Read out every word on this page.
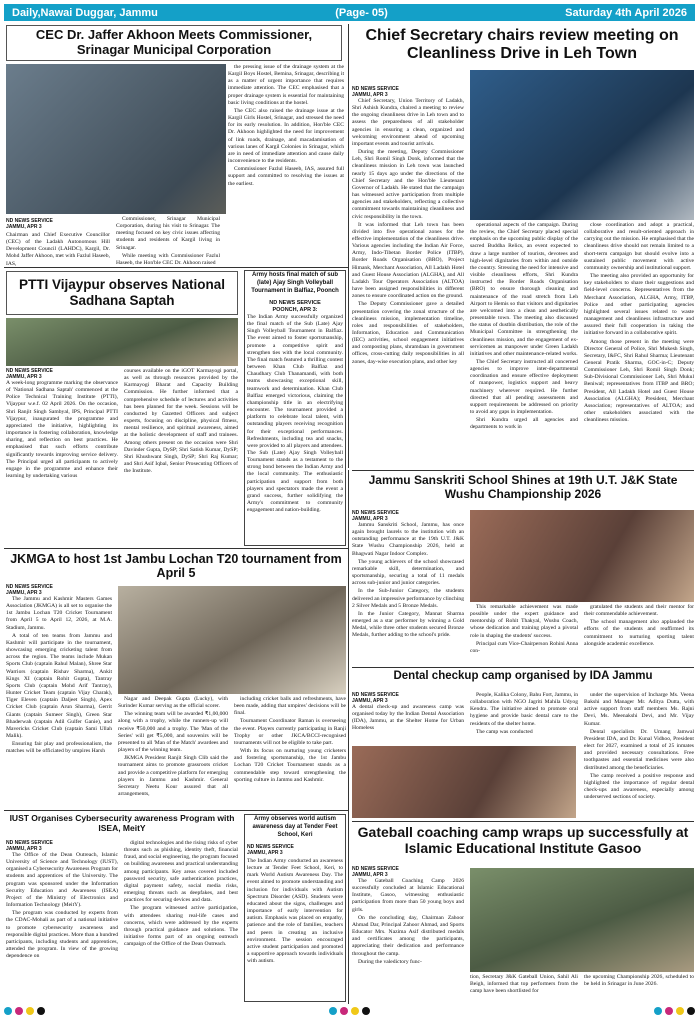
Daily,Nawai Duggar, Jammu	(Page- 05)	Saturday 4th April 2026
CEC Dr. Jaffer Akhoon Meets Commissioner, Srinagar Municipal Corporation
ND NEWS SERVICE
JAMMU, APR 3
Chairman and Chief Executive Councillor (CEC) of the Ladakh Autonomous Hill Development Council (LAHDC), Kargil, Dr. Mohd Jaffer Akhoon, met with Fazlul Haseeb, IAS,

Commissioner, Srinagar Municipal Corporation, during his visit to Srinagar. The meeting focused on key civic issues affecting students and residents of Kargil living in Srinagar.

While meeting with Commissioner Fazlul Haseeb, the Hon'ble CEC Dr. Akhoon raised

the pressing issue of the drainage system at the Kargil Boys Hostel, Bemina, Srinagar, describing it as a matter of urgent importance that requires immediate attention. The CEC emphasised that a proper drainage system is essential for maintaining basic living conditions at the hostel.

The CEC also raised the drainage issue at the Kargil Girls Hostel, Srinagar, and stressed the need for its early resolution. In addition, Hon'ble CEC Dr. Akhoon highlighted the need for improvement of link roads, drainage, and macadamisation of various lanes of Kargil Colonies in Srinagar, which are in need of immediate attention and cause daily inconvenience to the residents.

Commissioner Fazlul Haseeb, IAS, assured full support and committed to resolving the issues at the earliest.

Chief Secretary chairs review meeting on Cleanliness Drive in Leh Town
ND NEWS SERVICE
JAMMU, APR 3

Chief Secretary, Union Territory of Ladakh, Shri Ashish Kundra, chaired a meeting to review the ongoing cleanliness drive in Leh town and to assess the preparedness of all stakeholder agencies in ensuring a clean, organized and welcoming environment ahead of upcoming important events and tourist arrivals.

During the meeting, Deputy Commissioner Leh, Shri Romil Singh Donk, informed that the cleanliness mission in Leh town was launched nearly 15 days ago under the directions of the Chief Secretary and the Hon'ble Lieutenant Governor of Ladakh. He stated that the campaign has witnessed active participation from multiple agencies and stakeholders, reflecting a collective commitment towards maintaining cleanliness and civic responsibility in the town.

It was informed that Leh town has been divided into five operational zones for the effective implementation of the cleanliness drive. Various agencies including the Indian Air Force, Army, Indo-Tibetan Border Police (ITBP), Border Roads Organisation (BRO), Project Himank, Merchant Association, All Ladakh Hotel and Guest House Association (ALGHA), and All Ladakh Tour Operators Association (ALTOA) have been assigned responsibilities in different zones to ensure coordinated action on the ground.

The Deputy Commissioner gave a detailed presentation covering the zonal structure of the cleanliness mission, implementation timeline, roles and responsibilities of stakeholders, Information, Education and Communication (IEC) activities, school engagement initiatives and composting plans, shramdaan in government offices, cross-cutting daily responsibilities in all zones, day-wise execution plans, and other key

operational aspects of the campaign. During the review, the Chief Secretary placed special emphasis on the upcoming public display of the sacred Buddha Relics, an event expected to draw a large number of tourists, devotees and high-level dignitaries from within and outside the country. Stressing the need for intensive and visible cleanliness efforts, Shri Kundra instructed the Border Roads Organisation (BRO) to ensure thorough cleaning and maintenance of the road stretch from Leh Airport to Hemis so that visitors and dignitaries are welcomed into a clean and aesthetically presentable town. The meeting also discussed the status of dustbin distribution, the role of the Municipal Committee in strengthening the cleanliness mission, and the engagement of ex-servicemen as manpower under Green Ladakh initiatives and other maintenance-related works.

The Chief Secretary instructed all concerned agencies to improve inter-departmental coordination and ensure effective deployment of manpower, logistics support and heavy machinery wherever required. He further directed that all pending assessments and support requirements be addressed on priority to avoid any gaps in implementation.

Shri Kundra urged all agencies and departments to work in

close coordination and adopt a practical, collaborative and result-oriented approach in carrying out the mission. He emphasised that the cleanliness drive should not remain limited to a short-term campaign but should evolve into a sustained public movement with active community ownership and institutional support.

The meeting also provided an opportunity for key stakeholders to share their suggestions and field-level concerns. Representatives from the Merchant Association, ALGHA, Army, ITBP, Police and other participating agencies highlighted several issues related to waste management and cleanliness infrastructure and assured their full cooperation in taking the initiative forward in a collaborative spirit.

Among those present in the meeting were Director General of Police, Shri Mukesh Singh, Secretary, I&FC, Shri Rahul Sharma; Lieutenant General Pratik Sharma, GOC-in-C; Deputy Commissioner Leh, Shri Romil Singh Donk; Sub-Divisional Commissioner Leh, Shri Mukul Beniwal; representatives from ITBP and BRO; President, All Ladakh Hotel and Guest House Association (ALGHA); President, Merchant Association; representatives of ALTOA; and other stakeholders associated with the cleanliness mission.

PTTI Vijaypur observes National Sadhana Saptah
ND NEWS SERVICE
JAMMU, APR 3
A week-long programme marking the observance of 'National Sadhana Saptah' commenced at the Police Technical Training Institute (PTTI), Vijaypur w.e.f. 02 April 2026. On the occasion, Shri Ranjit Singh Sambyal, IPS, Principal PTTI Vijaypur, inaugurated the programme and appreciated the initiative, highlighting its importance in fostering collaboration, knowledge sharing, and reflection on best practices. He emphasised that such efforts contribute significantly towards improving service delivery. The Principal urged all participants to actively engage in the programme and enhance their learning by undertaking various
courses available on the iGOT Karmayogi portal, as well as through resources provided by the Karmayogi Bharat and Capacity Building Commission. He further informed that a comprehensive schedule of lectures and activities has been planned for the week. Sessions will be conducted by Gazetted Officers and subject experts, focusing on discipline, physical fitness, mental resilience, and spiritual awareness, aimed at the holistic development of staff and trainees. Among others present on the occasion were Shri Davinder Gupta, DySP; Shri Satish Kumar, DySP; Shri Khushwant Singh, DySP; Shri Raj Kumar; and Shri Asif Iqbal, Senior Prosecuting Officers of the Institute.
Army hosts final match of sub (late) Ajay Singh Volleyball Tournament in Balfiaz, Poonch
ND NEWS SERVICE
POONCH, APR 3:
The Indian Army successfully organized the final match of the Sub (Late) Ajay Singh Volleyball Tournament in Balfiaz. The event aimed to foster sportsmanship, promote a competitive spirit and strengthen ties with the local community. The final match featured a thrilling contest between Khan Club Balfiaz and Chaudhary Club Thanamandi, with both teams showcasing exceptional skill, teamwork and determination. Khan Club Balfiaz emerged victorious, claiming the championship title in an electrifying encounter. The tournament provided a platform to celebrate local talent, with outstanding players receiving recognition for their exceptional performances. Refreshments, including tea and snacks, were provided to all players and attendees. The Sub (Late) Ajay Singh Volleyball Tournament stands as a testament to the strong bond between the Indian Army and the local community. The enthusiastic participation and support from both players and spectators made the event a grand success, further solidifying the Army's commitment to community engagement and nation-building.
Jammu Sanskriti School Shines at 19th U.T. J&K State Wushu Championship 2026
ND NEWS SERVICE
JAMMU, APR 3

Jammu Sanskriti School, Jammu, has once again brought laurels to the institution with an outstanding performance at the 19th U.T. J&K State Wushu Championship 2026, held at Bhagwati Nagar Indoor Complex.

The young achievers of the school showcased remarkable skill, determination, and sportsmanship, securing a total of 11 medals across sub-junior and junior categories.

In the Sub-Junior Category, the students delivered an impressive performance by clinching 2 Silver Medals and 5 Bronze Medals.

In the Junior Category, Mannat Sharma emerged as a star performer by winning a Gold Medal, while three other students secured Bronze Medals, further adding to the school's pride.

This remarkable achievement was made possible under the expert guidance and mentorship of Rohit Thakyal, Wushu Coach, whose dedication and training played a pivotal role in shaping the students' success.

Principal cum Vice-Chairperson Rohini Anna con-

gratulated the students and their mentor for their commendable achievement.

The school management also applauded the efforts of the students and reaffirmed its commitment to nurturing sporting talent alongside academic excellence.

JKMGA to host 1st Jambu Lochan T20 tournament from April 5
ND NEWS SERVICE
JAMMU, APR 3

The Jammu and Kashmir Masters Games Association (JKMGA) is all set to organise the 1st Jambu Lochan T20 Cricket Tournament from April 5 to April 12, 2026, at M.A. Stadium, Jammu.

A total of ten teams from Jammu and Kashmir will participate in the tournament, showcasing emerging cricketing talent from across the region. The teams include Mukan Sports Club (captain Rahul Malan), Shree Star Warriors (captain Rishav Sharma), Ankit Kings XI (captain Rohit Gupta), Tantray Sports Club (captain Mohd Arif Tantray), Hunter Cricket Team (captain Vijay Charak), Tiger Eleven (captain Daljeet Singh), Apex Cricket Club (captain Arun Sharma), Gerrit Giants (captain Sumeer Singh), Green Star Bhaderwah (captain Adil Gulfer Ganie), and Mavericks Cricket Club (captain Sami Ullah Malik).

Ensuring fair play and professionalism, the matches will be officiated by umpires Harsh

Nagar and Deepak Gupta (Lucky), with Surinder Kumar serving as the official scorer.

The winning team will be awarded ₹1,00,000 along with a trophy, while the runners-up will receive ₹50,000 and a trophy. The 'Man of the Series' will get ₹5,000, and souvenirs will be presented to all 'Man of the Match' awardees and players of the winning team.

JKMGA President Ranjit Singh Clib said the tournament aims to promote grassroots cricket and provide a competitive platform for emerging players in Jammu and Kashmir. General Secretary Neetu Kour assured that all arrangements,

including cricket balls and refreshments, have been made, adding that umpires' decisions will be final.

Tournament Coordinator Raman is overseeing the event. Players currently participating in Ranji Trophy or other JKCA/BCCI-recognised tournaments will not be eligible to take part.

With its focus on nurturing young cricketers and fostering sportsmanship, the 1st Jambu Lochan T20 Cricket Tournament stands as a commendable step toward strengthening the sporting culture in Jammu and Kashmir.

Dental checkup camp organised by IDA Jammu
ND NEWS SERVICE
JAMMU, APR 3
A dental check-up and awareness camp was organised today by the Indian Dental Association (IDA), Jammu, at the Shelter Home for Urban Homeless

People, Kalika Colony, Bahu Fort, Jammu, in collaboration with NGO Jagriti Mahila Udyog Kendra. The initiative aimed to promote oral hygiene and provide basic dental care to the residents of the shelter home.

The camp was conducted

under the supervision of Incharge Ms. Veena Bakshi and Manager Mr. Aditya Dutta, with active support from staff members Ms. Rajni Devi, Ms. Meenakshi Devi, and Mr. Vijay Kumar.

Dental specialists Dr. Umang Jamwal President IDA, and Dr. Kunal Vidhoo, President elect for 2027, examined a total of 25 inmates and provided necessary consultations. Free toothpastes and essential medicines were also distributed among the beneficiaries.

The camp received a positive response and highlighted the importance of regular dental check-ups and awareness, especially among underserved sections of society.

IUST Organises Cybersecurity awareness Program with ISEA, MeitY
ND NEWS SERVICE
JAMMU, APR 3

The Office of the Dean Outreach, Islamic University of Science and Technology (IUST), organised a Cybersecurity Awareness Program for students and apprentices of the University. The program was sponsored under the Information Security Education and Awareness (ISEA) Project of the Ministry of Electronics and Information Technology (MeitY).

The program was conducted by experts from the CDAC-Mohali as part of a national initiative to promote cybersecurity awareness and responsible digital practices. More than a hundred participants, including students and apprentices, attended the program. In view of the growing dependence on

digital technologies and the rising risks of cyber threats such as phishing, identity theft, financial fraud, and social engineering, the program focused on building awareness and practical understanding among participants. Key areas covered included password security, safe authentication practices, digital payment safety, social media risks, emerging threats such as deepfakes, and best practices for securing devices and data.

The program witnessed active participation, with attendees sharing real-life cases and concerns, which were addressed by the experts through practical guidance and solutions. The initiative forms part of an ongoing outreach campaign of the Office of the Dean Outreach.

Army observes world autism awareness day at Tender Feet School, Keri
ND NEWS SERVICE
JAMMU, APR 3
The Indian Army conducted an awareness lecture at Tender Feet School, Keri, to mark World Autism Awareness Day. The event aimed to promote understanding and inclusion for individuals with Autism Spectrum Disorder (ASD). Students were educated about the signs, challenges and importance of early intervention for autism. Emphasis was placed on empathy, patience and the role of families, teachers and peers in creating an inclusive environment. The session encouraged active student participation and promoted a supportive approach towards individuals with autism.
Gateball coaching camp wraps up successfully at Islamic Educational Institute Gasoo
ND NEWS SERVICE
JAMMU, APR 3

The Gateball Coaching Camp 2026 successfully concluded at Islamic Educational Institute, Gasoo, witnessing enthusiastic participation from more than 50 young boys and girls.

On the concluding day, Chairman Zahoor Ahmad Dar, Principal Zahoor Ahmad, and Sports Educator Mrs. Nazima Asif distributed medals and certificates among the participants, appreciating their dedication and performance throughout the camp.

During the valedictory func-

tion, Secretary J&K Gateball Union, Sahil Ali Beigh, informed that top performers from the camp have been shortlisted for
the upcoming Championship 2026, scheduled to be held in Srinagar in June 2026.
